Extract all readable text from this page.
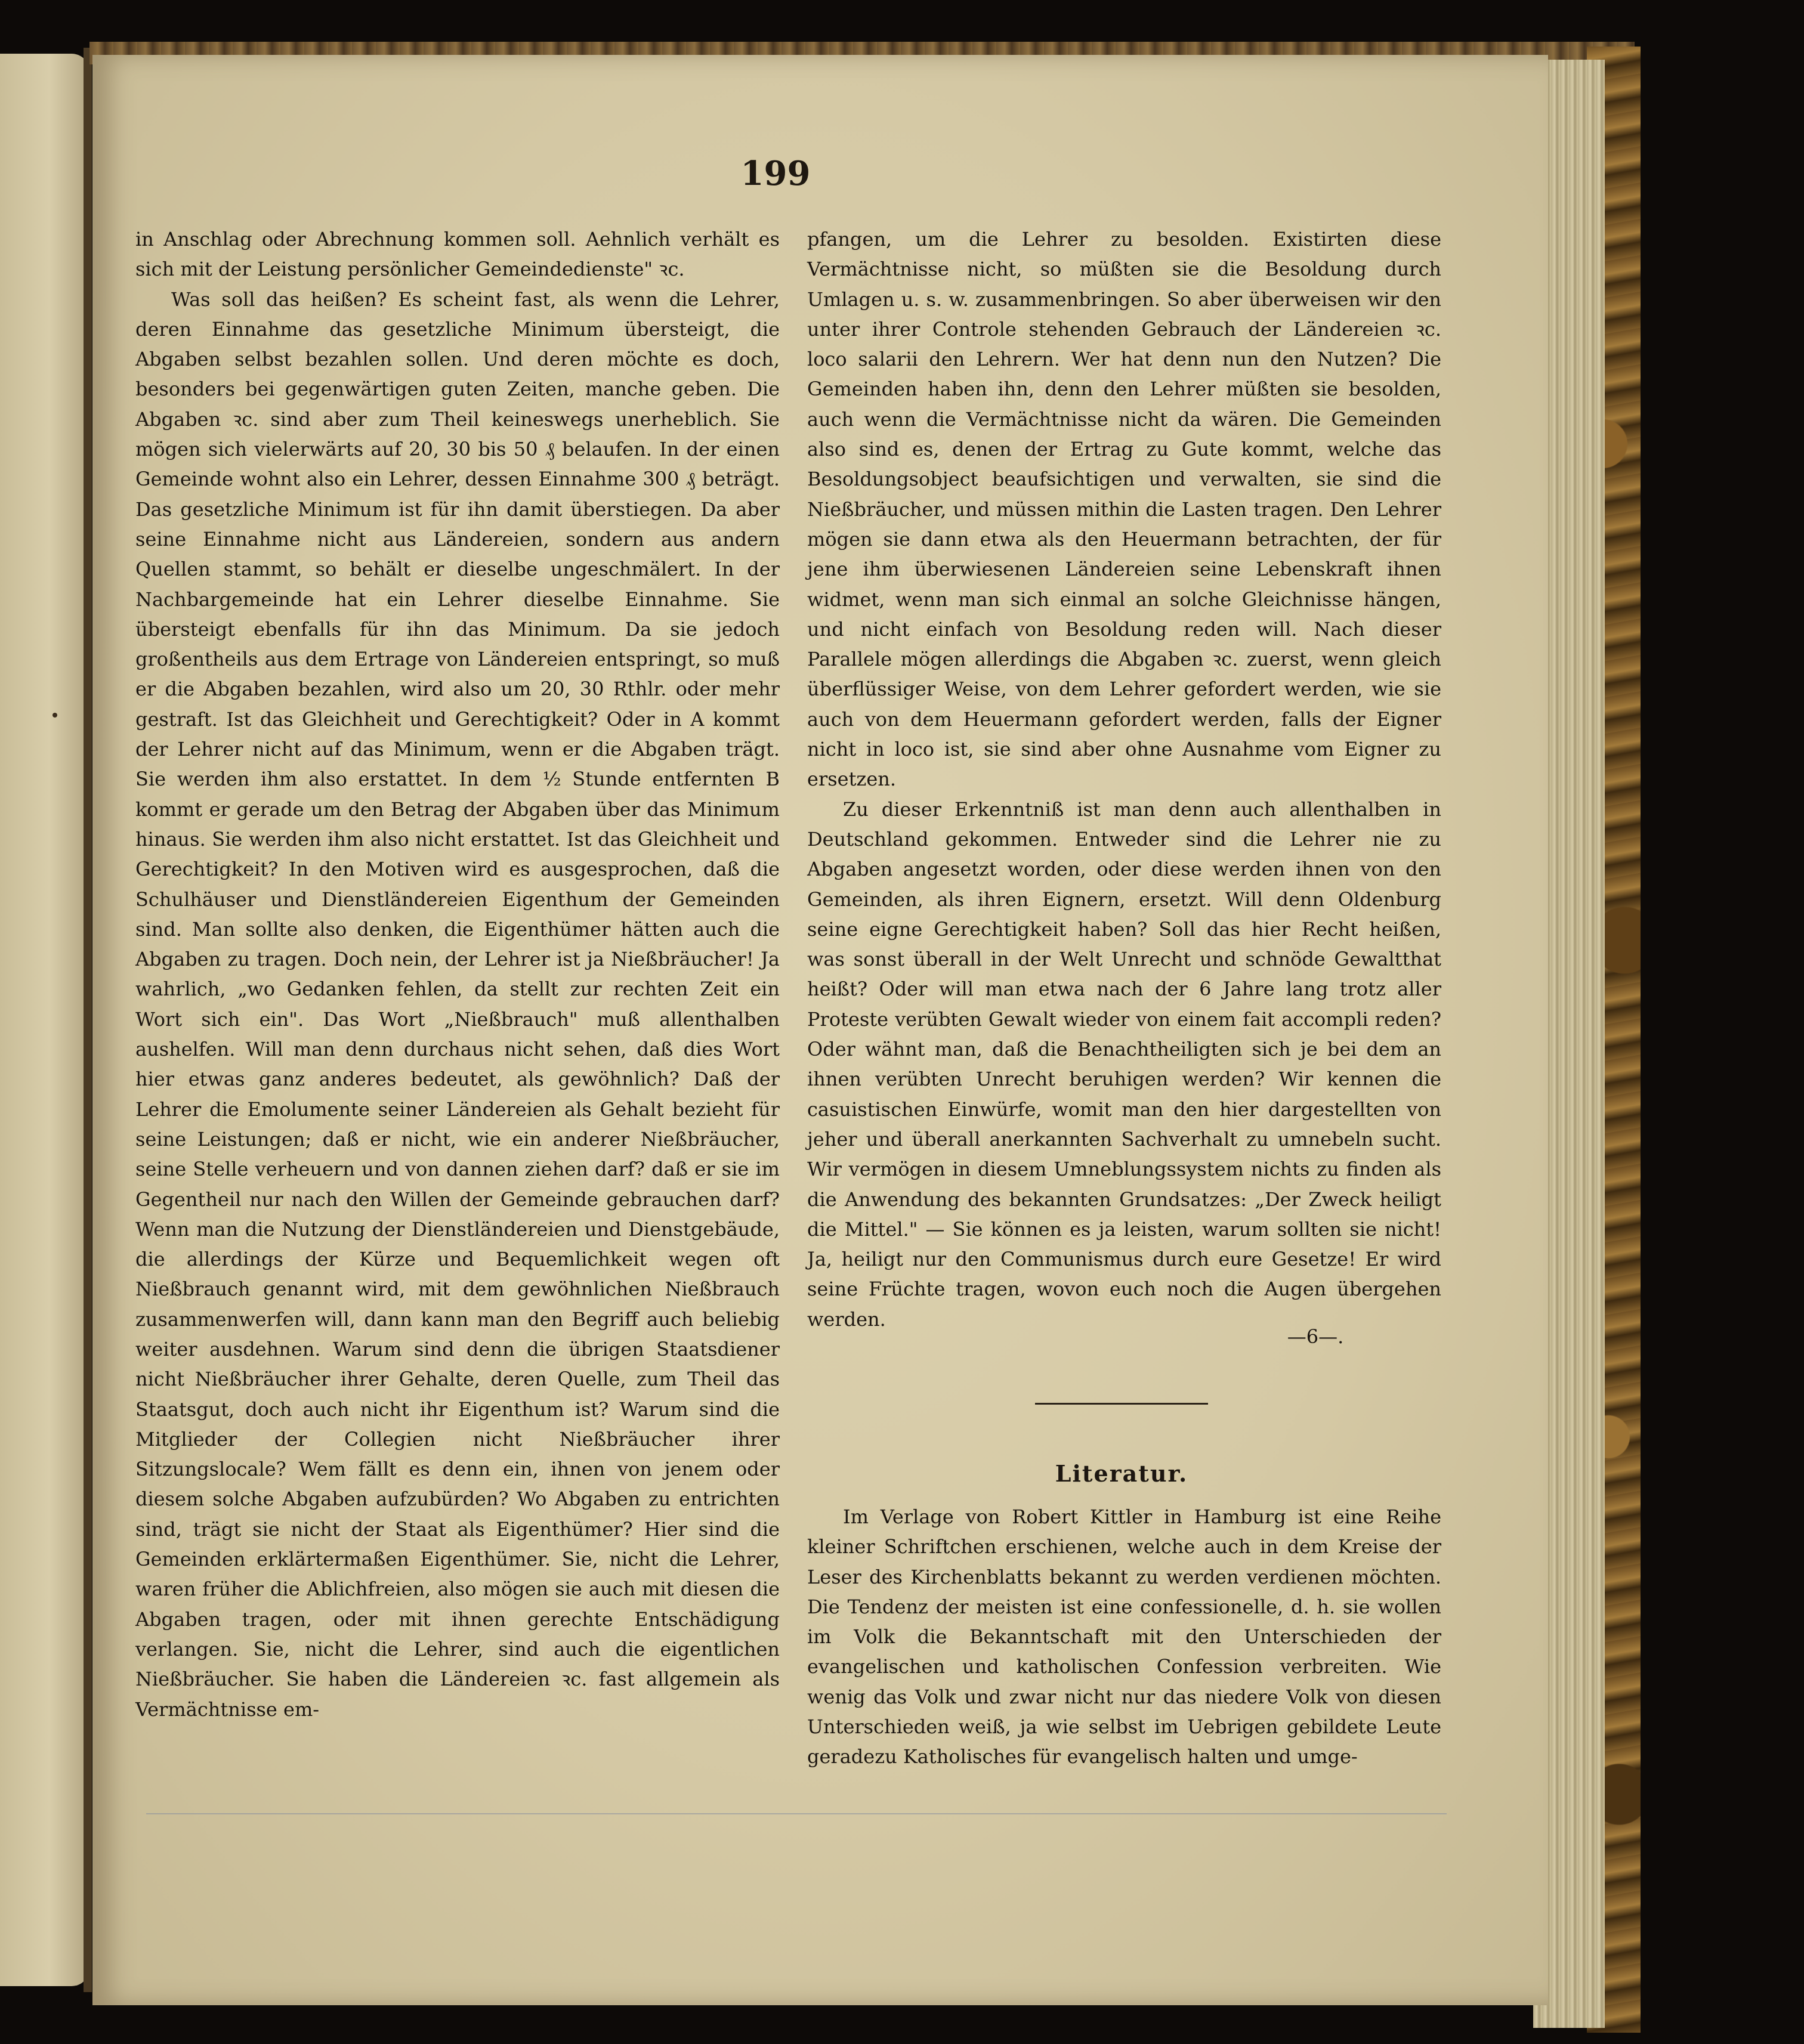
199

in Anschlag oder Abrechnung kommen soll. Aehnlich verhält es sich mit der Leistung persönlicher Gemeindedienste" ꝛc.

Was soll das heißen? Es scheint fast, als wenn die Lehrer, deren Einnahme das gesetzliche Minimum übersteigt, die Abgaben selbst bezahlen sollen. Und deren möchte es doch, besonders bei gegenwärtigen guten Zeiten, manche geben. Die Abgaben ꝛc. sind aber zum Theil keineswegs unerheblich. Sie mögen sich vielerwärts auf 20, 30 bis 50 ₰ belaufen. In der einen Gemeinde wohnt also ein Lehrer, dessen Einnahme 300 ₰ beträgt. Das gesetzliche Minimum ist für ihn damit überstiegen. Da aber seine Einnahme nicht aus Ländereien, sondern aus andern Quellen stammt, so behält er dieselbe ungeschmälert. In der Nachbargemeinde hat ein Lehrer dieselbe Einnahme. Sie übersteigt ebenfalls für ihn das Minimum. Da sie jedoch großentheils aus dem Ertrage von Ländereien entspringt, so muß er die Abgaben bezahlen, wird also um 20, 30 Rthlr. oder mehr gestraft. Ist das Gleichheit und Gerechtigkeit? Oder in A kommt der Lehrer nicht auf das Minimum, wenn er die Abgaben trägt. Sie werden ihm also erstattet. In dem ½ Stunde entfernten B kommt er gerade um den Betrag der Abgaben über das Minimum hinaus. Sie werden ihm also nicht erstattet. Ist das Gleichheit und Gerechtigkeit? In den Motiven wird es ausgesprochen, daß die Schulhäuser und Dienstländereien Eigenthum der Gemeinden sind. Man sollte also denken, die Eigenthümer hätten auch die Abgaben zu tragen. Doch nein, der Lehrer ist ja Nießbräucher! Ja wahrlich, „wo Gedanken fehlen, da stellt zur rechten Zeit ein Wort sich ein". Das Wort „Nießbrauch" muß allenthalben aushelfen. Will man denn durchaus nicht sehen, daß dies Wort hier etwas ganz anderes bedeutet, als gewöhnlich? Daß der Lehrer die Emolumente seiner Ländereien als Gehalt bezieht für seine Leistungen; daß er nicht, wie ein anderer Nießbräucher, seine Stelle verheuern und von dannen ziehen darf? daß er sie im Gegentheil nur nach den Willen der Gemeinde gebrauchen darf? Wenn man die Nutzung der Dienstländereien und Dienstgebäude, die allerdings der Kürze und Bequemlichkeit wegen oft Nießbrauch genannt wird, mit dem gewöhnlichen Nießbrauch zusammenwerfen will, dann kann man den Begriff auch beliebig weiter ausdehnen. Warum sind denn die übrigen Staatsdiener nicht Nießbräucher ihrer Gehalte, deren Quelle, zum Theil das Staatsgut, doch auch nicht ihr Eigenthum ist? Warum sind die Mitglieder der Collegien nicht Nießbräucher ihrer Sitzungslocale? Wem fällt es denn ein, ihnen von jenem oder diesem solche Abgaben aufzubürden? Wo Abgaben zu entrichten sind, trägt sie nicht der Staat als Eigenthümer? Hier sind die Gemeinden erklärtermaßen Eigenthümer. Sie, nicht die Lehrer, waren früher die Ablichfreien, also mögen sie auch mit diesen die Abgaben tragen, oder mit ihnen gerechte Entschädigung verlangen. Sie, nicht die Lehrer, sind auch die eigentlichen Nießbräucher. Sie haben die Ländereien ꝛc. fast allgemein als Vermächtnisse em-

pfangen, um die Lehrer zu besolden. Existirten diese Vermächtnisse nicht, so müßten sie die Besoldung durch Umlagen u. s. w. zusammenbringen. So aber überweisen wir den unter ihrer Controle stehenden Gebrauch der Ländereien ꝛc. loco salarii den Lehrern. Wer hat denn nun den Nutzen? Die Gemeinden haben ihn, denn den Lehrer müßten sie besolden, auch wenn die Vermächtnisse nicht da wären. Die Gemeinden also sind es, denen der Ertrag zu Gute kommt, welche das Besoldungsobject beaufsichtigen und verwalten, sie sind die Nießbräucher, und müssen mithin die Lasten tragen. Den Lehrer mögen sie dann etwa als den Heuermann betrachten, der für jene ihm überwiesenen Ländereien seine Lebenskraft ihnen widmet, wenn man sich einmal an solche Gleichnisse hängen, und nicht einfach von Besoldung reden will. Nach dieser Parallele mögen allerdings die Abgaben ꝛc. zuerst, wenn gleich überflüssiger Weise, von dem Lehrer gefordert werden, wie sie auch von dem Heuermann gefordert werden, falls der Eigner nicht in loco ist, sie sind aber ohne Ausnahme vom Eigner zu ersetzen.

Zu dieser Erkenntniß ist man denn auch allenthalben in Deutschland gekommen. Entweder sind die Lehrer nie zu Abgaben angesetzt worden, oder diese werden ihnen von den Gemeinden, als ihren Eignern, ersetzt. Will denn Oldenburg seine eigne Gerechtigkeit haben? Soll das hier Recht heißen, was sonst überall in der Welt Unrecht und schnöde Gewaltthat heißt? Oder will man etwa nach der 6 Jahre lang trotz aller Proteste verübten Gewalt wieder von einem fait accompli reden? Oder wähnt man, daß die Benachtheiligten sich je bei dem an ihnen verübten Unrecht beruhigen werden? Wir kennen die casuistischen Einwürfe, womit man den hier dargestellten von jeher und überall anerkannten Sachverhalt zu umnebeln sucht. Wir vermögen in diesem Umneblungssystem nichts zu finden als die Anwendung des bekannten Grundsatzes: „Der Zweck heiligt die Mittel." — Sie können es ja leisten, warum sollten sie nicht! Ja, heiligt nur den Communismus durch eure Gesetze! Er wird seine Früchte tragen, wovon euch noch die Augen übergehen werden.

—6—.
Literatur.

Im Verlage von Robert Kittler in Hamburg ist eine Reihe kleiner Schriftchen erschienen, welche auch in dem Kreise der Leser des Kirchenblatts bekannt zu werden verdienen möchten. Die Tendenz der meisten ist eine confessionelle, d. h. sie wollen im Volk die Bekanntschaft mit den Unterschieden der evangelischen und katholischen Confession verbreiten. Wie wenig das Volk und zwar nicht nur das niedere Volk von diesen Unterschieden weiß, ja wie selbst im Uebrigen gebildete Leute geradezu Katholisches für evangelisch halten und umge-
